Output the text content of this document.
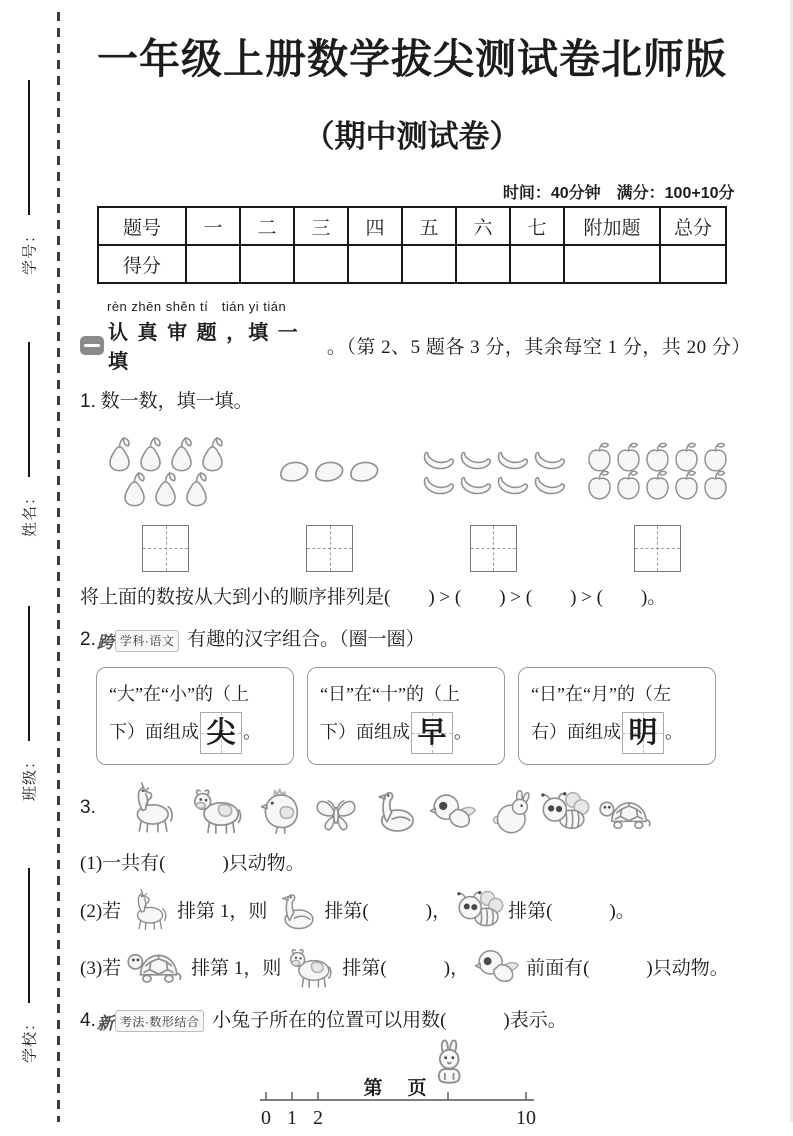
学号：
姓名：
班级：
学校：
一年级上册数学拔尖测试卷北师版
（期中测试卷）
时间：40分钟　满分：100+10分
题号	一	二	三	四	五	六	七	附加题	总分
得分									
rèn zhēn shěn tí　tián yi tián
认 真 审 题 ，填 一 填
。（第 2、5 题各 3 分，其余每空 1 分，共 20 分）
1. 数一数，填一填。
将上面的数按从大到小的顺序排列是(　　) > (　　) > (　　) > (　　)。
2. 跨 学科·语文 有趣的汉字组合。（圈一圈）
“大”在“小”的（上
下）面组成 尖 。
“日”在“十”的（上
下）面组成 早 。
“日”在“月”的（左
右）面组成 明 。
3.
(1)一共有(　　　)只动物。
(2)若	排第 1，则	排第(　　　)，	排第(　　　)。
(3)若	排第 1，则	排第(　　　)，	前面有(　　　)只动物。
4. 新 考法·数形结合 小兔子所在的位置可以用数(　　　)表示。
0 1 2	10
第　页
